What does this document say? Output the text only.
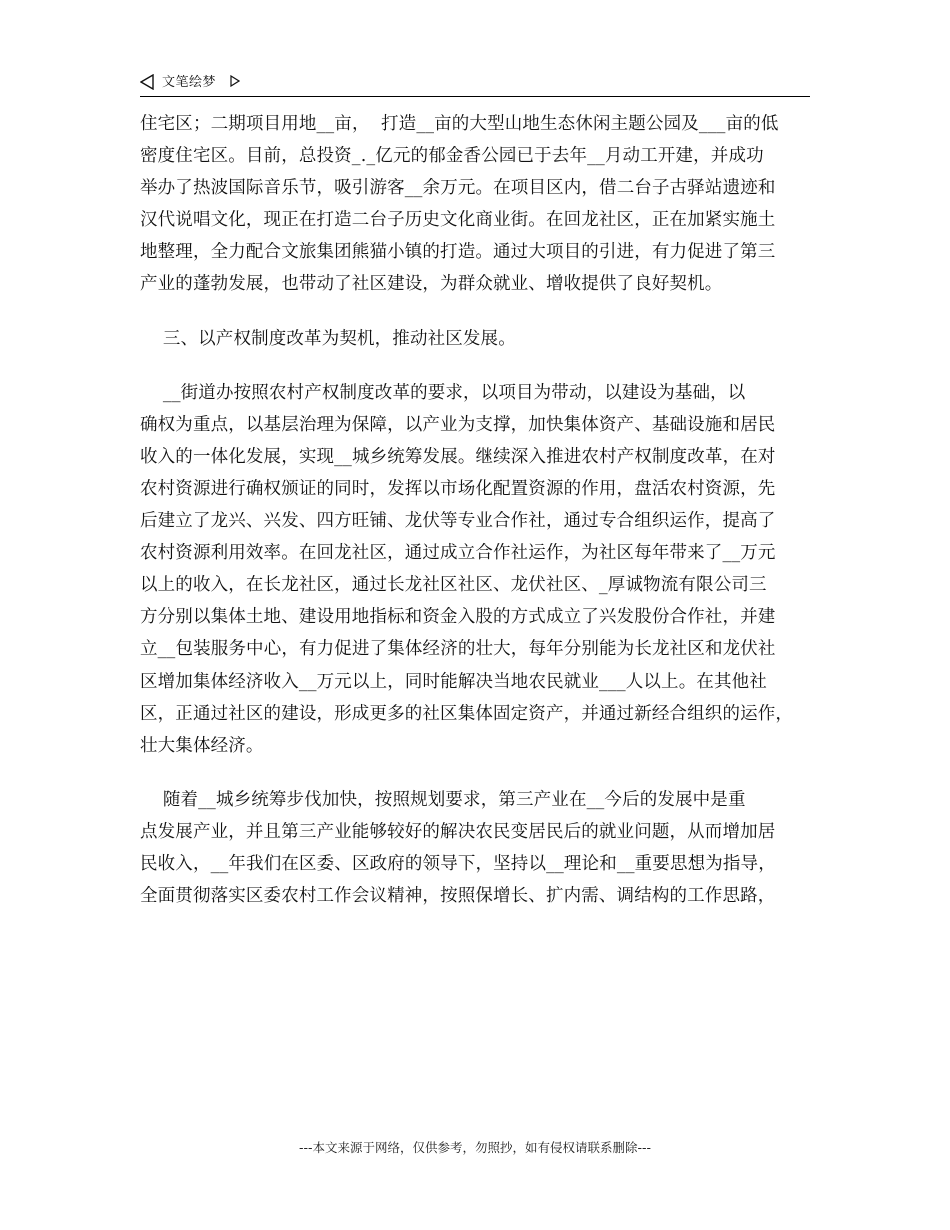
文笔绘梦

住宅区；二期项目用地__亩，  打造__亩的大型山地生态休闲主题公园及___亩的低

密度住宅区。目前，总投资_._亿元的郁金香公园已于去年__月动工开建，并成功

举办了热波国际音乐节，吸引游客__余万元。在项目区内，借二台子古驿站遗迹和

汉代说唱文化，现正在打造二台子历史文化商业街。在回龙社区，正在加紧实施土

地整理，全力配合文旅集团熊猫小镇的打造。通过大项目的引进，有力促进了第三

产业的蓬勃发展，也带动了社区建设，为群众就业、增收提供了良好契机。

三、以产权制度改革为契机，推动社区发展。

__街道办按照农村产权制度改革的要求，以项目为带动，以建设为基础，以

确权为重点，以基层治理为保障，以产业为支撑，加快集体资产、基础设施和居民

收入的一体化发展，实现__城乡统筹发展。继续深入推进农村产权制度改革，在对

农村资源进行确权颁证的同时，发挥以市场化配置资源的作用，盘活农村资源，先

后建立了龙兴、兴发、四方旺铺、龙伏等专业合作社，通过专合组织运作，提高了

农村资源利用效率。在回龙社区，通过成立合作社运作，为社区每年带来了__万元

以上的收入，在长龙社区，通过长龙社区社区、龙伏社区、_厚诚物流有限公司三

方分别以集体土地、建设用地指标和资金入股的方式成立了兴发股份合作社，并建

立__包装服务中心，有力促进了集体经济的壮大，每年分别能为长龙社区和龙伏社

区增加集体经济收入__万元以上，同时能解决当地农民就业___人以上。在其他社

区，正通过社区的建设，形成更多的社区集体固定资产，并通过新经合组织的运作，

壮大集体经济。

随着__城乡统筹步伐加快，按照规划要求，第三产业在__今后的发展中是重

点发展产业，并且第三产业能够较好的解决农民变居民后的就业问题，从而增加居

民收入，__年我们在区委、区政府的领导下，坚持以__理论和__重要思想为指导，

全面贯彻落实区委农村工作会议精神，按照保增长、扩内需、调结构的工作思路，

---本文来源于网络，仅供参考，勿照抄，如有侵权请联系删除---
